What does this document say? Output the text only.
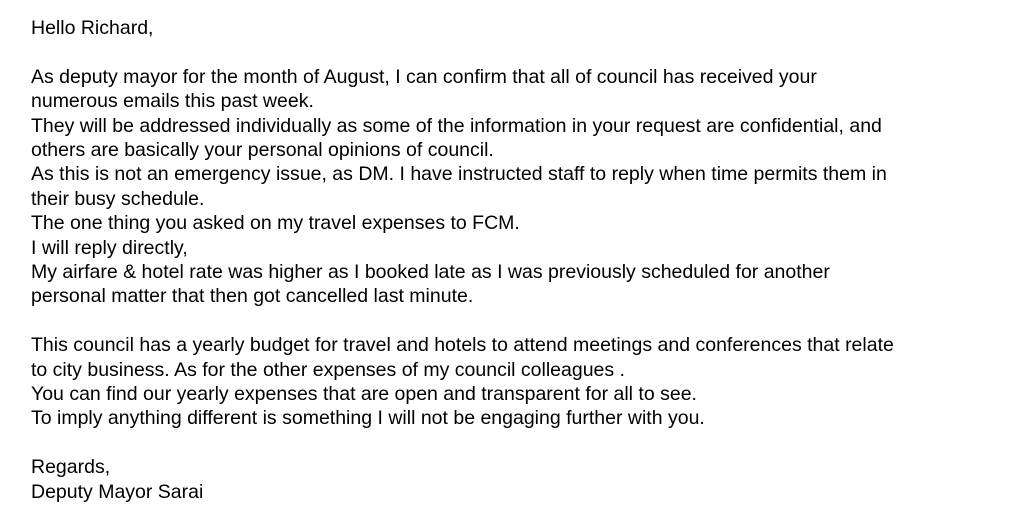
Hello Richard,
As deputy mayor for the month of August, I can confirm that all of council has received your
numerous emails this past week.
They will be addressed individually as some of the information in your request are confidential, and
others are basically your personal opinions of council.
As this is not an emergency issue, as DM. I have instructed staff to reply when time permits them in
their busy schedule.
The one thing you asked on my travel expenses to FCM.
I will reply directly,
My airfare & hotel rate was higher as I booked late as I was previously scheduled for another
personal matter that then got cancelled last minute.
This council has a yearly budget for travel and hotels to attend meetings and conferences that relate
to city business. As for the other expenses of my council colleagues .
You can find our yearly expenses that are open and transparent for all to see.
To imply anything different is something I will not be engaging further with you.
Regards,
Deputy Mayor Sarai
